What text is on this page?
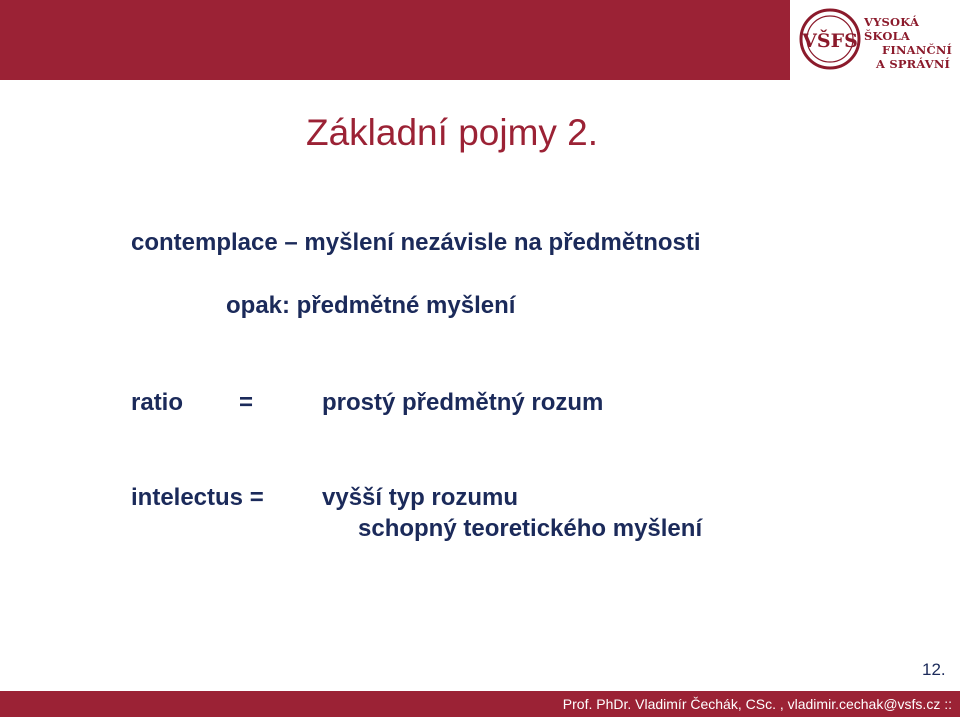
VŠFS
VYSOKÁ ŠKOLA
FINANČNÍ
A SPRÁVNÍ
Základní pojmy 2.
contemplace – myšlení nezávisle na předmětnosti
opak: předmětné myšlení
ratio =	prostý předmětný rozum
intelectus = vyšší typ rozumu
schopný teoretického myšlení
12.
Prof. PhDr. Vladimír Čechák, CSc. , vladimir.cechak@vsfs.cz ::
